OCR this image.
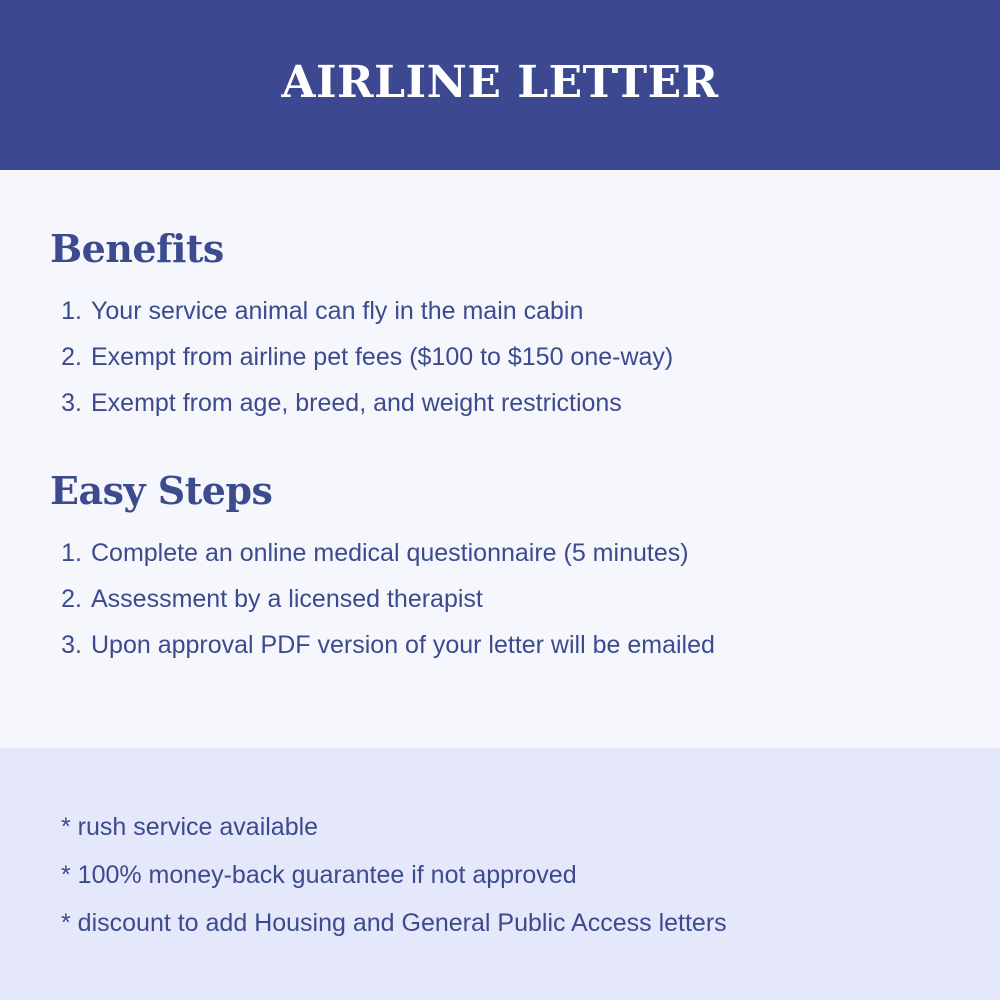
AIRLINE LETTER
Benefits
1. Your service animal can fly in the main cabin
2. Exempt from airline pet fees ($100 to $150 one-way)
3. Exempt from age, breed, and weight restrictions
Easy Steps
1. Complete an online medical questionnaire (5 minutes)
2. Assessment by a licensed therapist
3. Upon approval PDF version of your letter will be emailed
* rush service available
* 100% money-back guarantee if not approved
* discount to add Housing and General Public Access letters
